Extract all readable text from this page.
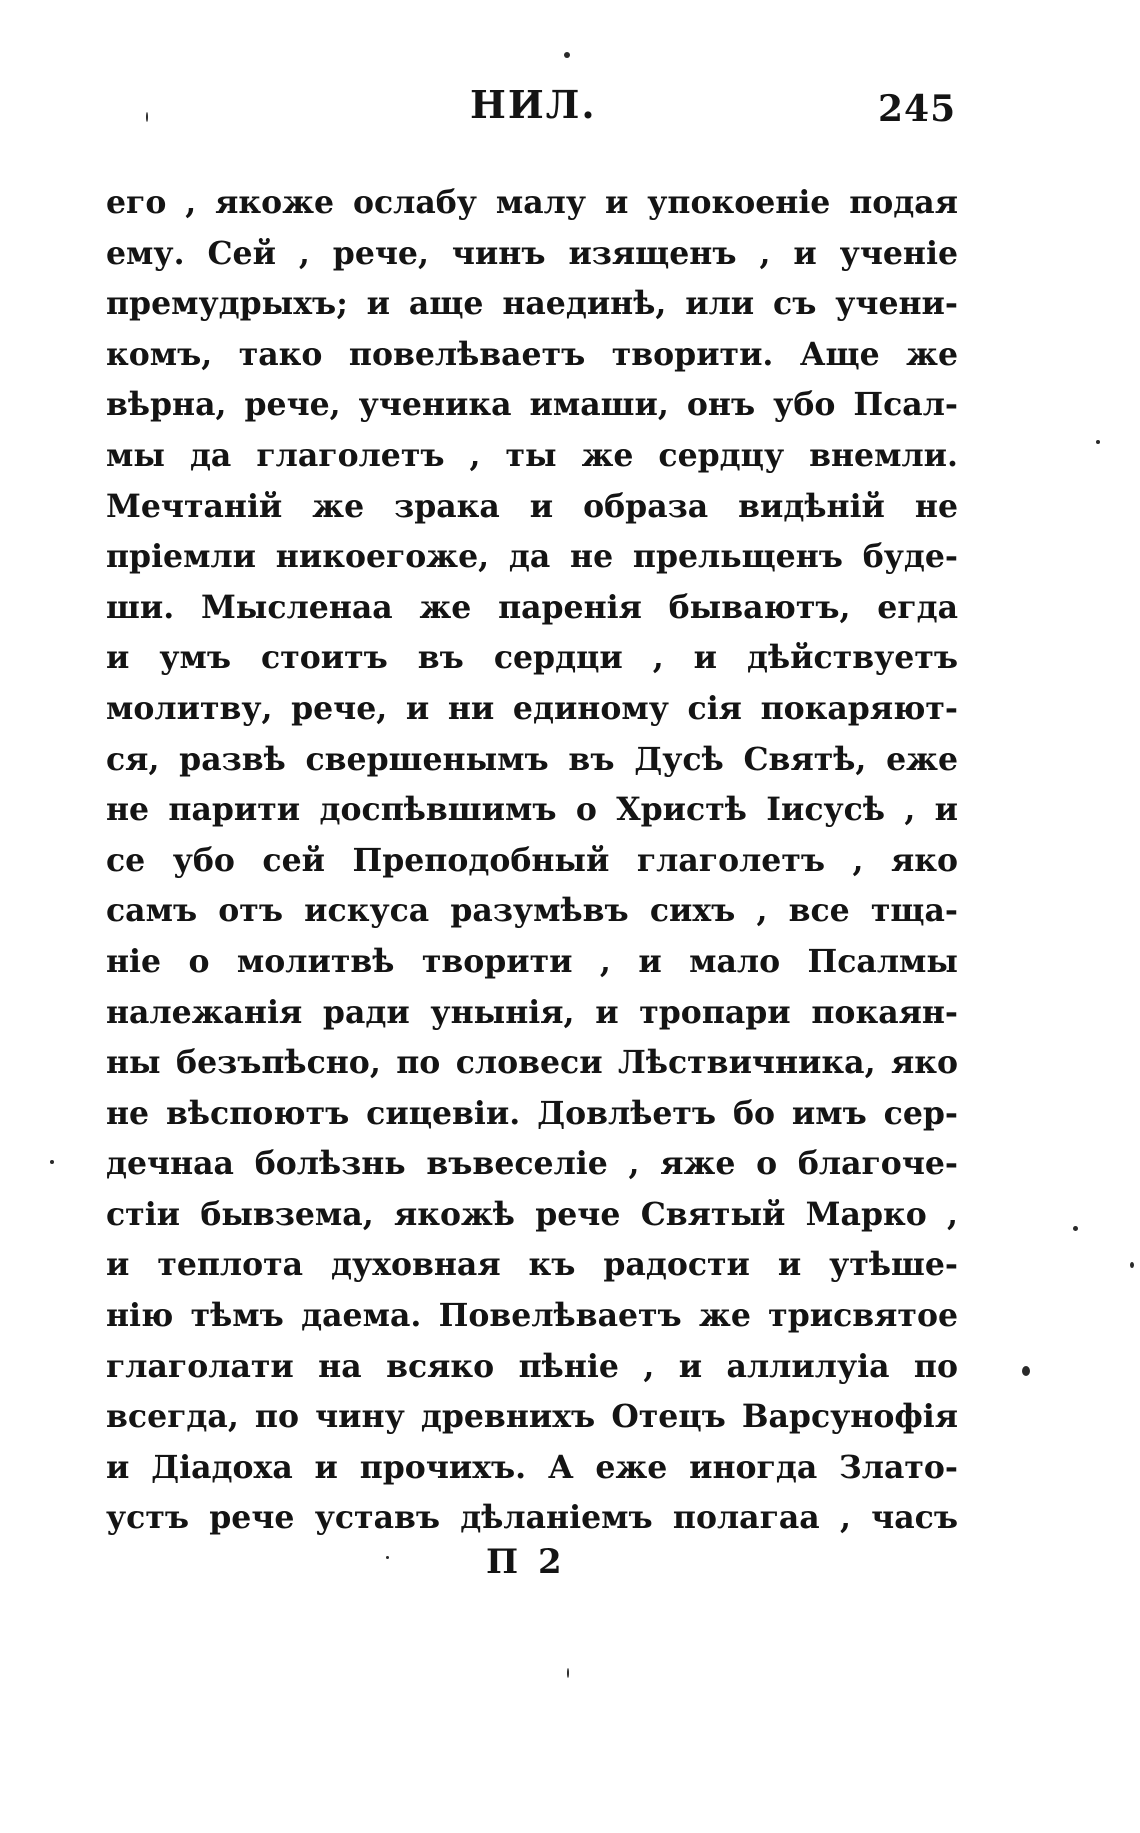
НИЛ.	245
его , якоже ослабу малу и упокоеніе подая
ему. Сей , рече, чинъ изященъ , и ученіе
премудрыхъ; и аще наединѣ, или съ учени-
комъ, тако повелѣваетъ творити. Аще же
вѣрна, рече, ученика имаши, онъ убо Псал-
мы да глаголетъ , ты же сердцу внемли.
Мечтаній же зрака и образа видѣній не
пріемли никоегоже, да не прельщенъ буде-
ши. Мысленаа же паренія бываютъ, егда
и умъ стоитъ въ сердци , и дѣйствуетъ
молитву, рече, и ни единому сія покаряют-
ся, развѣ свершенымъ въ Дусѣ Святѣ, еже
не парити доспѣвшимъ о Христѣ Іисусѣ , и
се убо сей Преподобный глаголетъ , яко
самъ отъ искуса разумѣвъ сихъ , все тща-
ніе о молитвѣ творити , и мало Псалмы
належанія ради унынія, и тропари покаян-
ны безъпѣсно, по словеси Лѣствичника, яко
не вѣспоютъ сицевіи. Довлѣетъ бо имъ сер-
дечнаа болѣзнь въвеселіе , яже о благоче-
стіи бывзема, якожѣ рече Святый Марко ,
и теплота духовная къ радости и утѣше-
нію тѣмъ даема. Повелѣваетъ же трисвятое
глаголати на всяко пѣніе , и аллилуіа по
всегда, по чину древнихъ Отецъ Варсунофія
и Діадоха и прочихъ. А еже иногда Злато-
устъ рече уставъ дѣланіемъ полагаа , часъ
П 2
